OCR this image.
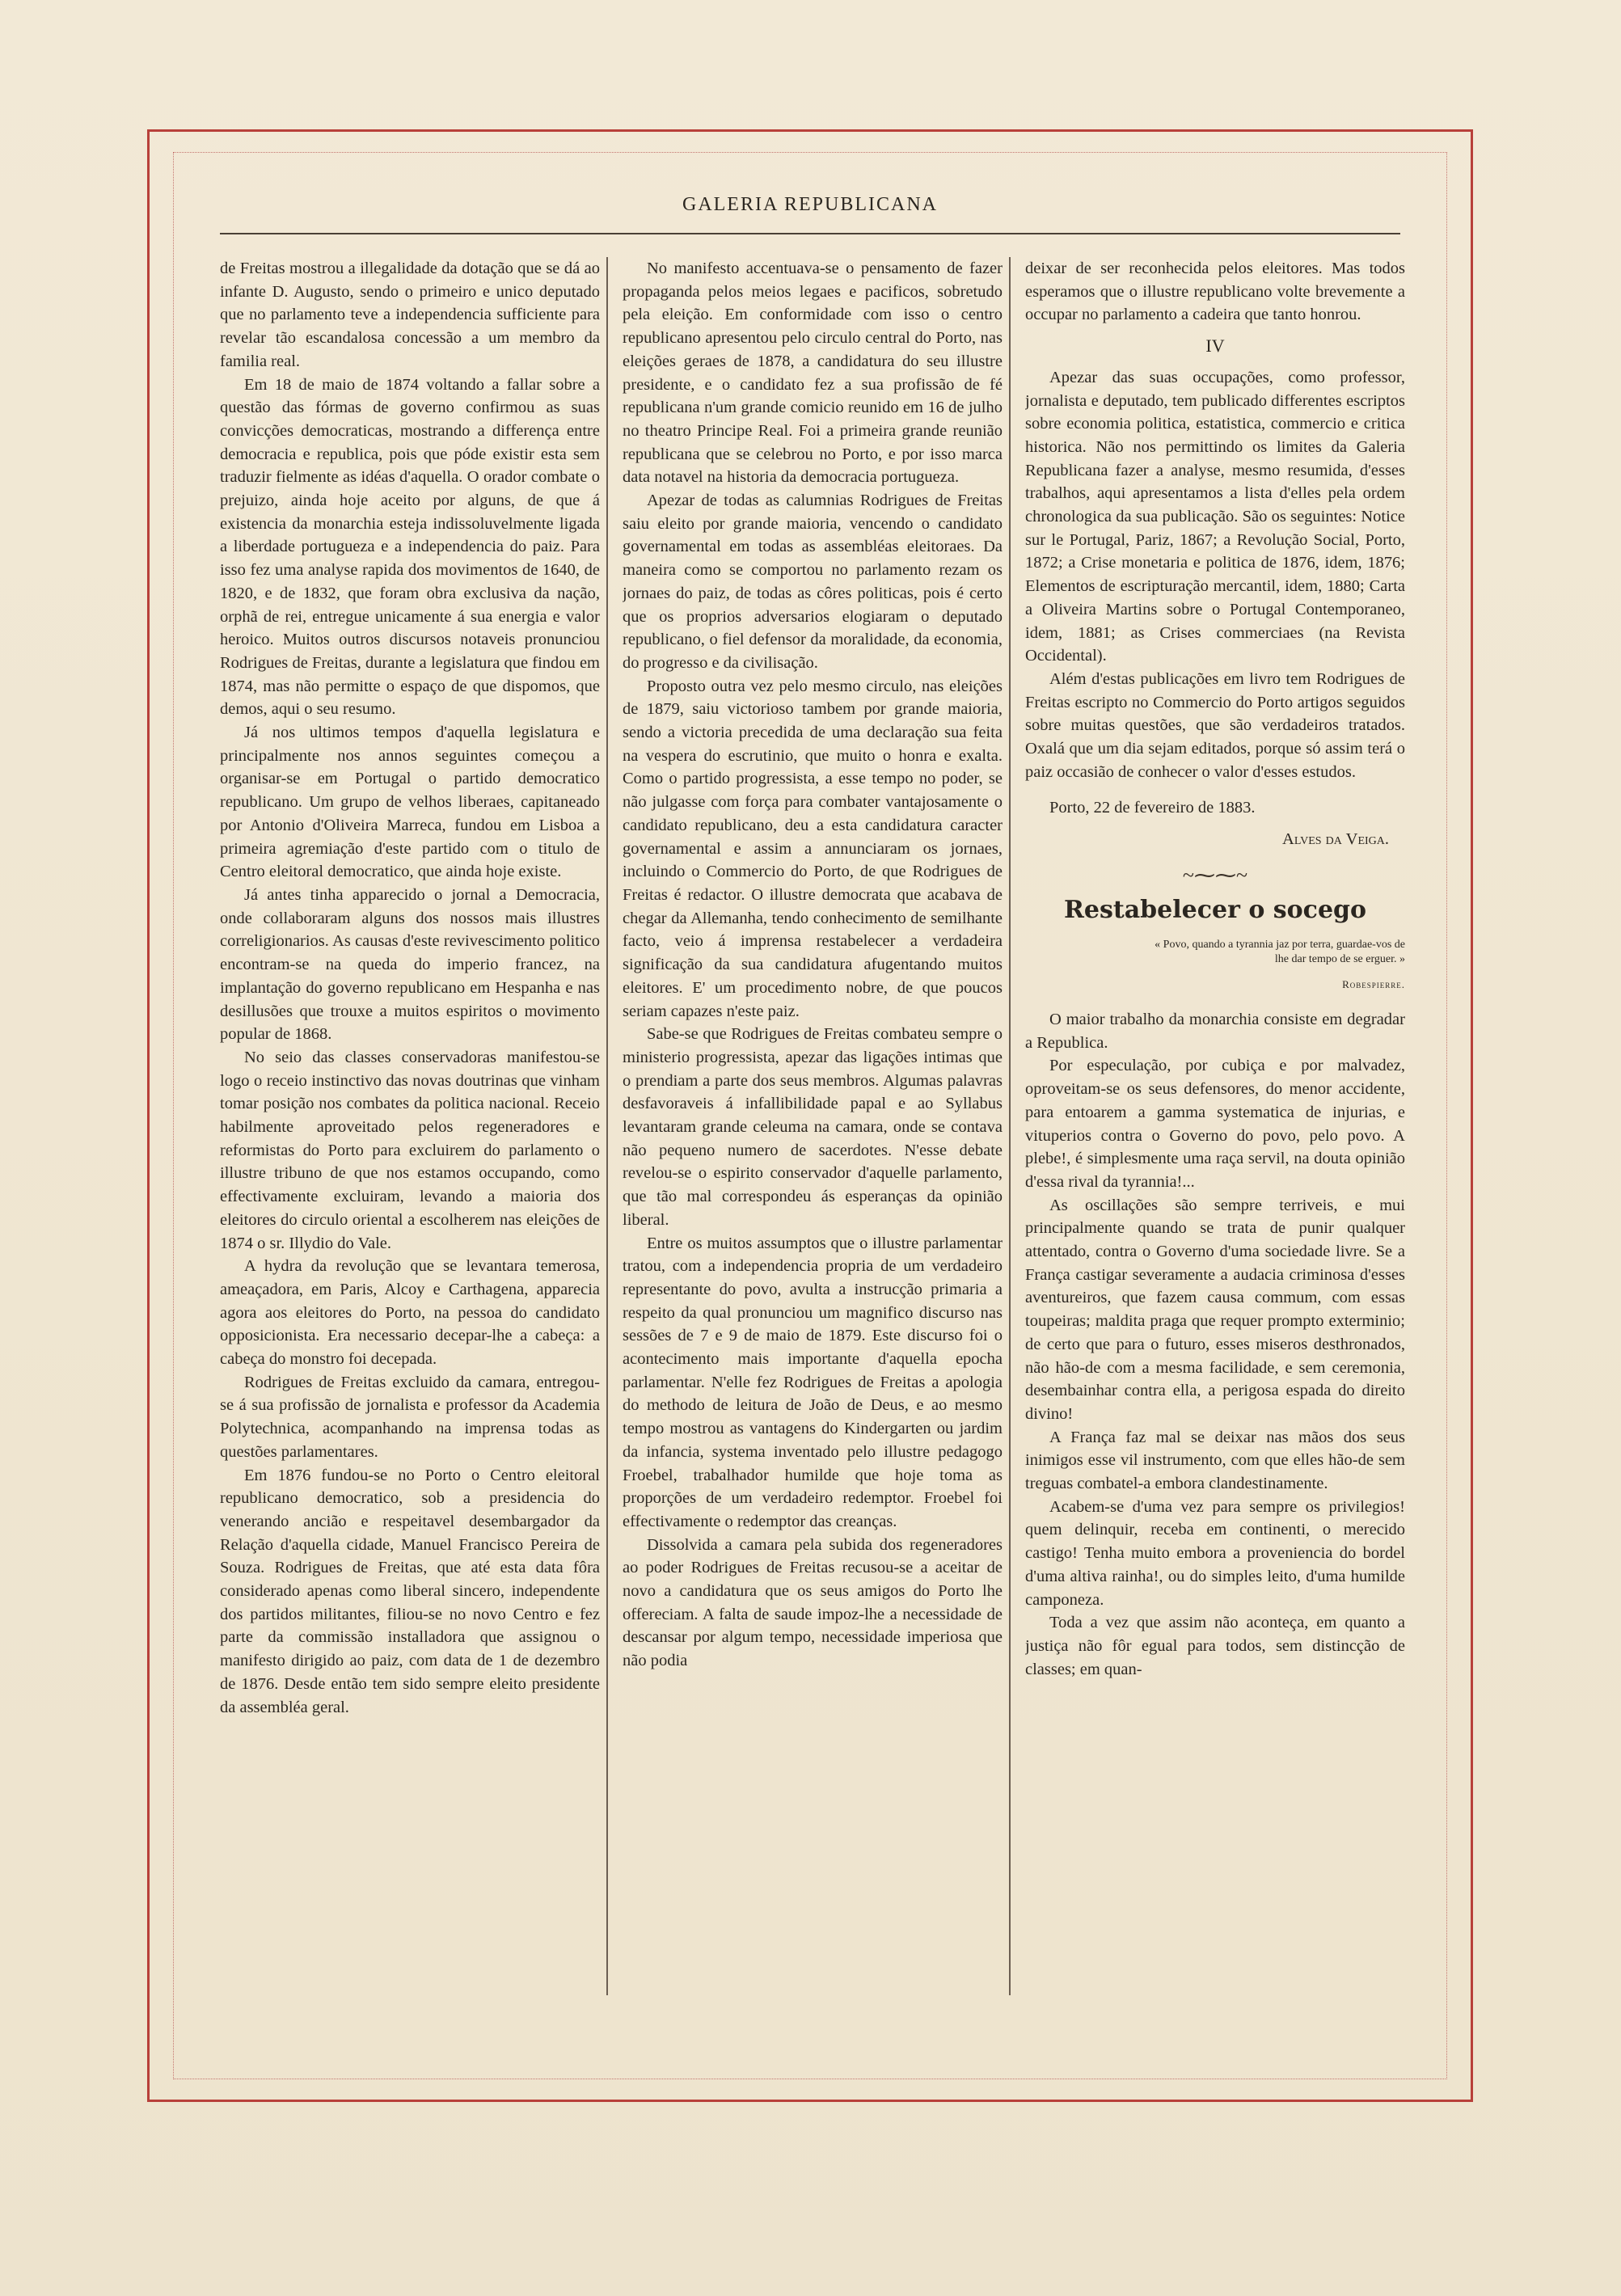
GALERIA REPUBLICANA

de Freitas mostrou a illegalidade da dotação que se dá ao infante D. Augusto, sendo o primeiro e unico deputado que no parlamento teve a independencia sufficiente para revelar tão escandalosa concessão a um membro da familia real.

Em 18 de maio de 1874 voltando a fallar sobre a questão das fórmas de governo confirmou as suas convicções democraticas, mostrando a differença entre democracia e republica, pois que póde existir esta sem traduzir fielmente as idéas d'aquella. O orador combate o prejuizo, ainda hoje aceito por alguns, de que á existencia da monarchia esteja indissoluvelmente ligada a liberdade portugueza e a independencia do paiz. Para isso fez uma analyse rapida dos movimentos de 1640, de 1820, e de 1832, que foram obra exclusiva da nação, orphã de rei, entregue unicamente á sua energia e valor heroico. Muitos outros discursos notaveis pronunciou Rodrigues de Freitas, durante a legislatura que findou em 1874, mas não permitte o espaço de que dispomos, que demos, aqui o seu resumo.

Já nos ultimos tempos d'aquella legislatura e principalmente nos annos seguintes começou a organisar-se em Portugal o partido democratico republicano. Um grupo de velhos liberaes, capitaneado por Antonio d'Oliveira Marreca, fundou em Lisboa a primeira agremiação d'este partido com o titulo de Centro eleitoral democratico, que ainda hoje existe.

Já antes tinha apparecido o jornal a Democracia, onde collaboraram alguns dos nossos mais illustres correligionarios. As causas d'este revivescimento politico encontram-se na queda do imperio francez, na implantação do governo republicano em Hespanha e nas desillusões que trouxe a muitos espiritos o movimento popular de 1868.

No seio das classes conservadoras manifestou-se logo o receio instinctivo das novas doutrinas que vinham tomar posição nos combates da politica nacional. Receio habilmente aproveitado pelos regeneradores e reformistas do Porto para excluirem do parlamento o illustre tribuno de que nos estamos occupando, como effectivamente excluiram, levando a maioria dos eleitores do circulo oriental a escolherem nas eleições de 1874 o sr. Illydio do Vale.

A hydra da revolução que se levantara temerosa, ameaçadora, em Paris, Alcoy e Carthagena, apparecia agora aos eleitores do Porto, na pessoa do candidato opposicionista. Era necessario decepar-lhe a cabeça: a cabeça do monstro foi decepada.

Rodrigues de Freitas excluido da camara, entregou-se á sua profissão de jornalista e professor da Academia Polytechnica, acompanhando na imprensa todas as questões parlamentares.

Em 1876 fundou-se no Porto o Centro eleitoral republicano democratico, sob a presidencia do venerando ancião e respeitavel desembargador da Relação d'aquella cidade, Manuel Francisco Pereira de Souza. Rodrigues de Freitas, que até esta data fôra considerado apenas como liberal sincero, independente dos partidos militantes, filiou-se no novo Centro e fez parte da commissão installadora que assignou o manifesto dirigido ao paiz, com data de 1 de dezembro de 1876. Desde então tem sido sempre eleito presidente da assembléa geral.

No manifesto accentuava-se o pensamento de fazer propaganda pelos meios legaes e pacificos, sobretudo pela eleição. Em conformidade com isso o centro republicano apresentou pelo circulo central do Porto, nas eleições geraes de 1878, a candidatura do seu illustre presidente, e o candidato fez a sua profissão de fé republicana n'um grande comicio reunido em 16 de julho no theatro Principe Real. Foi a primeira grande reunião republicana que se celebrou no Porto, e por isso marca data notavel na historia da democracia portugueza.

Apezar de todas as calumnias Rodrigues de Freitas saiu eleito por grande maioria, vencendo o candidato governamental em todas as assembléas eleitoraes. Da maneira como se comportou no parlamento rezam os jornaes do paiz, de todas as côres politicas, pois é certo que os proprios adversarios elogiaram o deputado republicano, o fiel defensor da moralidade, da economia, do progresso e da civilisação.

Proposto outra vez pelo mesmo circulo, nas eleições de 1879, saiu victorioso tambem por grande maioria, sendo a victoria precedida de uma declaração sua feita na vespera do escrutinio, que muito o honra e exalta. Como o partido progressista, a esse tempo no poder, se não julgasse com força para combater vantajosamente o candidato republicano, deu a esta candidatura caracter governamental e assim a annunciaram os jornaes, incluindo o Commercio do Porto, de que Rodrigues de Freitas é redactor. O illustre democrata que acabava de chegar da Allemanha, tendo conhecimento de semilhante facto, veio á imprensa restabelecer a verdadeira significação da sua candidatura afugentando muitos eleitores. E' um procedimento nobre, de que poucos seriam capazes n'este paiz.

Sabe-se que Rodrigues de Freitas combateu sempre o ministerio progressista, apezar das ligações intimas que o prendiam a parte dos seus membros. Algumas palavras desfavoraveis á infallibilidade papal e ao Syllabus levantaram grande celeuma na camara, onde se contava não pequeno numero de sacerdotes. N'esse debate revelou-se o espirito conservador d'aquelle parlamento, que tão mal correspondeu ás esperanças da opinião liberal.

Entre os muitos assumptos que o illustre parlamentar tratou, com a independencia propria de um verdadeiro representante do povo, avulta a instrucção primaria a respeito da qual pronunciou um magnifico discurso nas sessões de 7 e 9 de maio de 1879. Este discurso foi o acontecimento mais importante d'aquella epocha parlamentar. N'elle fez Rodrigues de Freitas a apologia do methodo de leitura de João de Deus, e ao mesmo tempo mostrou as vantagens do Kindergarten ou jardim da infancia, systema inventado pelo illustre pedagogo Froebel, trabalhador humilde que hoje toma as proporções de um verdadeiro redemptor. Froebel foi effectivamente o redemptor das creanças.

Dissolvida a camara pela subida dos regeneradores ao poder Rodrigues de Freitas recusou-se a aceitar de novo a candidatura que os seus amigos do Porto lhe offereciam. A falta de saude impoz-lhe a necessidade de descansar por algum tempo, necessidade imperiosa que não podia

deixar de ser reconhecida pelos eleitores. Mas todos esperamos que o illustre republicano volte brevemente a occupar no parlamento a cadeira que tanto honrou.

IV

Apezar das suas occupações, como professor, jornalista e deputado, tem publicado differentes escriptos sobre economia politica, estatistica, commercio e critica historica. Não nos permittindo os limites da Galeria Republicana fazer a analyse, mesmo resumida, d'esses trabalhos, aqui apresentamos a lista d'elles pela ordem chronologica da sua publicação. São os seguintes: Notice sur le Portugal, Pariz, 1867; a Revolução Social, Porto, 1872; a Crise monetaria e politica de 1876, idem, 1876; Elementos de escripturação mercantil, idem, 1880; Carta a Oliveira Martins sobre o Portugal Contemporaneo, idem, 1881; as Crises commerciaes (na Revista Occidental).

Além d'estas publicações em livro tem Rodrigues de Freitas escripto no Commercio do Porto artigos seguidos sobre muitas questões, que são verdadeiros tratados. Oxalá que um dia sejam editados, porque só assim terá o paiz occasião de conhecer o valor d'esses estudos.

Porto, 22 de fevereiro de 1883.

Alves da Veiga.

~⁓⁓~
Restabelecer o socego
« Povo, quando a tyrannia jaz por terra, guardae-vos de lhe dar tempo de se erguer. »
Robespierre.

O maior trabalho da monarchia consiste em degradar a Republica.

Por especulação, por cubiça e por malvadez, oproveitam-se os seus defensores, do menor accidente, para entoarem a gamma systematica de injurias, e vituperios contra o Governo do povo, pelo povo. A plebe!, é simplesmente uma raça servil, na douta opinião d'essa rival da tyrannia!...

As oscillações são sempre terriveis, e mui principalmente quando se trata de punir qualquer attentado, contra o Governo d'uma sociedade livre. Se a França castigar severamente a audacia criminosa d'esses aventureiros, que fazem causa commum, com essas toupeiras; maldita praga que requer prompto exterminio; de certo que para o futuro, esses miseros desthronados, não hão-de com a mesma facilidade, e sem ceremonia, desembainhar contra ella, a perigosa espada do direito divino!

A França faz mal se deixar nas mãos dos seus inimigos esse vil instrumento, com que elles hão-de sem treguas combatel-a embora clandestinamente.

Acabem-se d'uma vez para sempre os privilegios! quem delinquir, receba em continenti, o merecido castigo! Tenha muito embora a proveniencia do bordel d'uma altiva rainha!, ou do simples leito, d'uma humilde camponeza.

Toda a vez que assim não aconteça, em quanto a justiça não fôr egual para todos, sem distincção de classes; em quan-
